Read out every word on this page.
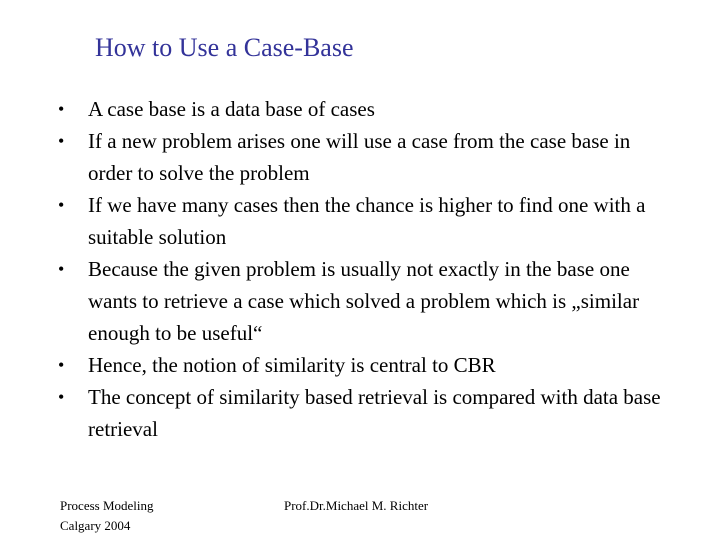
How to Use a Case-Base
• A case base is a data base of cases
• If a new problem arises one will use a case from the case base in order to solve the problem
• If we have many cases then the chance is higher to find one with a suitable solution
• Because the given problem is usually not exactly in the base one wants to retrieve a case which solved a problem which is „similar enough to be useful“
• Hence, the notion of similarity is central to CBR
• The concept of similarity based retrieval is compared with data base retrieval
Process Modeling
Calgary 2004
Prof.Dr.Michael M. Richter
